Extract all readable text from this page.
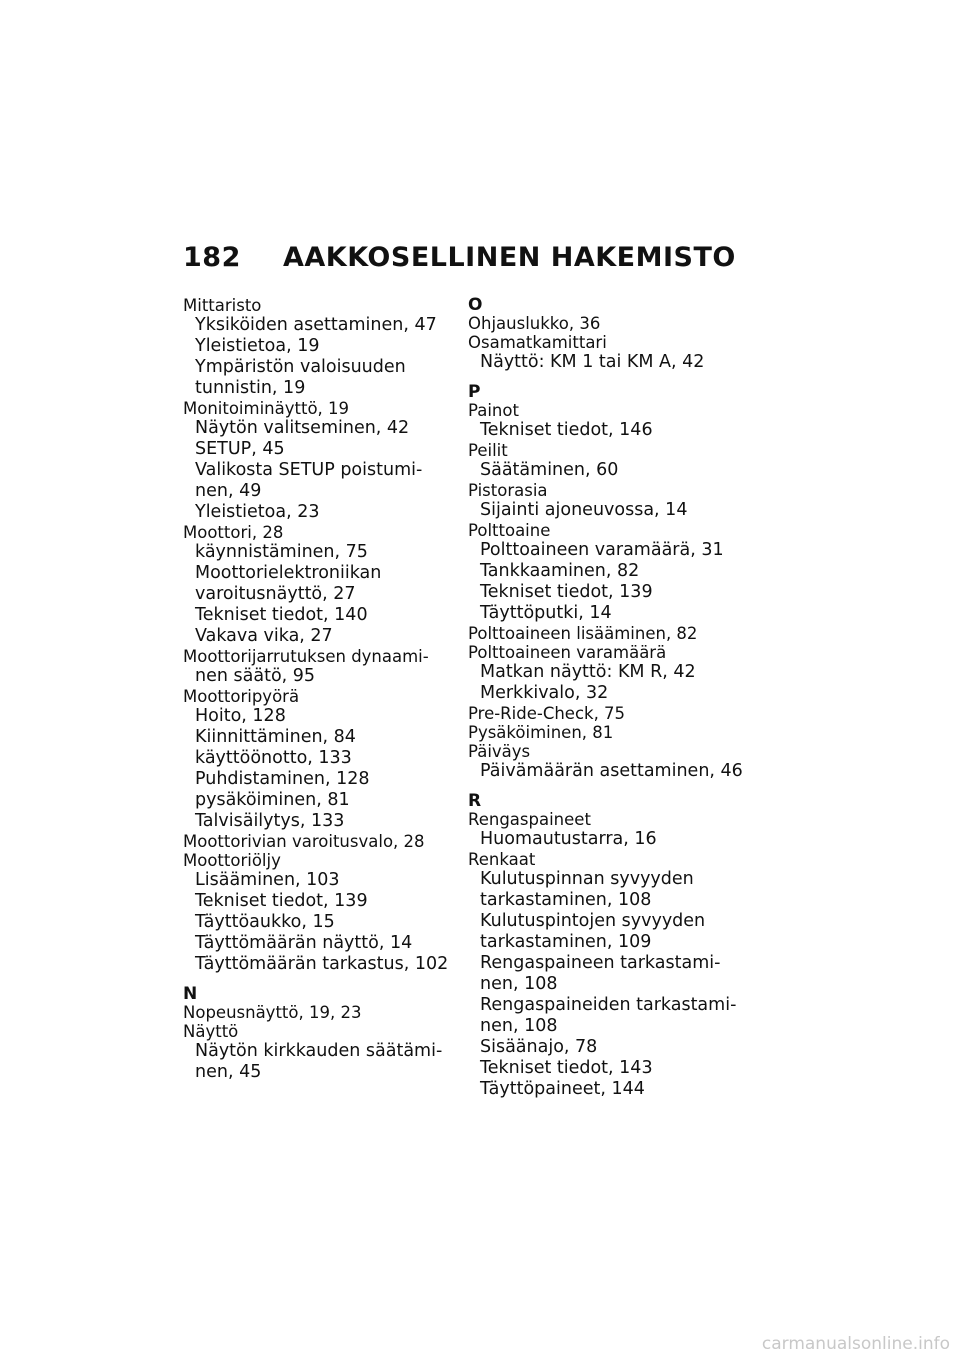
182 AAKKOSELLINEN HAKEMISTO
Mittaristo
Yksiköiden asettaminen, 47
Yleistietoa, 19
Ympäristön valoisuuden
tunnistin, 19
Monitoiminäyttö, 19
Näytön valitseminen, 42
SETUP, 45
Valikosta SETUP poistumi-
nen, 49
Yleistietoa, 23
Moottori, 28
käynnistäminen, 75
Moottorielektroniikan
varoitusnäyttö, 27
Tekniset tiedot, 140
Vakava vika, 27
Moottorijarrutuksen dynaami-
nen säätö, 95
Moottoripyörä
Hoito, 128
Kiinnittäminen, 84
käyttöönotto, 133
Puhdistaminen, 128
pysäköiminen, 81
Talvisäilytys, 133
Moottorivian varoitusvalo, 28
Moottoriöljy
Lisääminen, 103
Tekniset tiedot, 139
Täyttöaukko, 15
Täyttömäärän näyttö, 14
Täyttömäärän tarkastus, 102
N
Nopeusnäyttö, 19, 23
Näyttö
Näytön kirkkauden säätämi-
nen, 45
O
Ohjauslukko, 36
Osamatkamittari
Näyttö: KM 1 tai KM A, 42
P
Painot
Tekniset tiedot, 146
Peilit
Säätäminen, 60
Pistorasia
Sijainti ajoneuvossa, 14
Polttoaine
Polttoaineen varamäärä, 31
Tankkaaminen, 82
Tekniset tiedot, 139
Täyttöputki, 14
Polttoaineen lisääminen, 82
Polttoaineen varamäärä
Matkan näyttö: KM R, 42
Merkkivalo, 32
Pre-Ride-Check, 75
Pysäköiminen, 81
Päiväys
Päivämäärän asettaminen, 46
R
Rengaspaineet
Huomautustarra, 16
Renkaat
Kulutuspinnan syvyyden
tarkastaminen, 108
Kulutuspintojen syvyyden
tarkastaminen, 109
Rengaspaineen tarkastami-
nen, 108
Rengaspaineiden tarkastami-
nen, 108
Sisäänajo, 78
Tekniset tiedot, 143
Täyttöpaineet, 144
carmanualsonline.info
